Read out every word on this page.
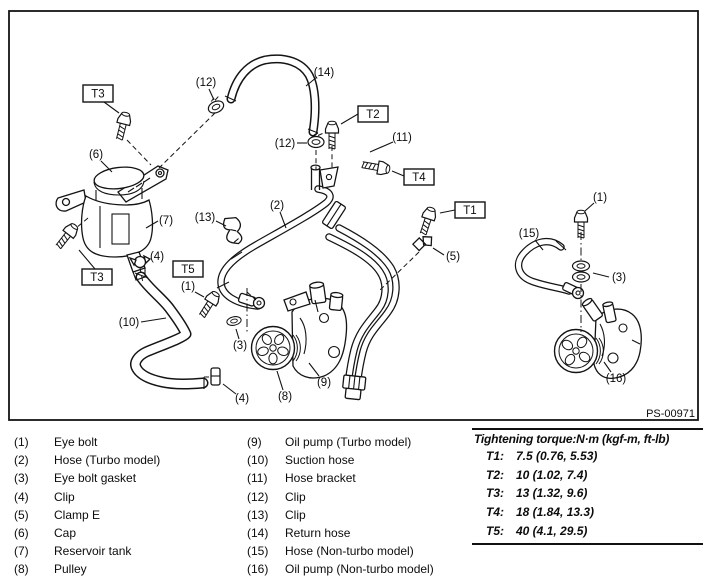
T3
T2
T4
T1
T3
T5
(12)
(14)
(12)	(11)
(1)
(6)
(2)
(13)
(7)
(15)
(4)
(1)
(5)
(3)
(10)
(3)
(9)	(16)
(8)
(4)
PS-00971
(1)	Eye bolt
(2)	Hose (Turbo model)
(3)	Eye bolt gasket
(4)	Clip
(5)	Clamp E
(6)	Cap
(7)	Reservoir tank
(8)	Pulley
(9)	Oil pump (Turbo model)
(10)	Suction hose
(11)	Hose bracket
(12)	Clip
(13)	Clip
(14)	Return hose
(15)	Hose (Non-turbo model)
(16)	Oil pump (Non-turbo model)
Tightening torque:N·m (kgf-m, ft-lb)
T1:	7.5 (0.76, 5.53)
T2:	10 (1.02, 7.4)
T3:	13 (1.32, 9.6)
T4:	18 (1.84, 13.3)
T5:	40 (4.1, 29.5)
